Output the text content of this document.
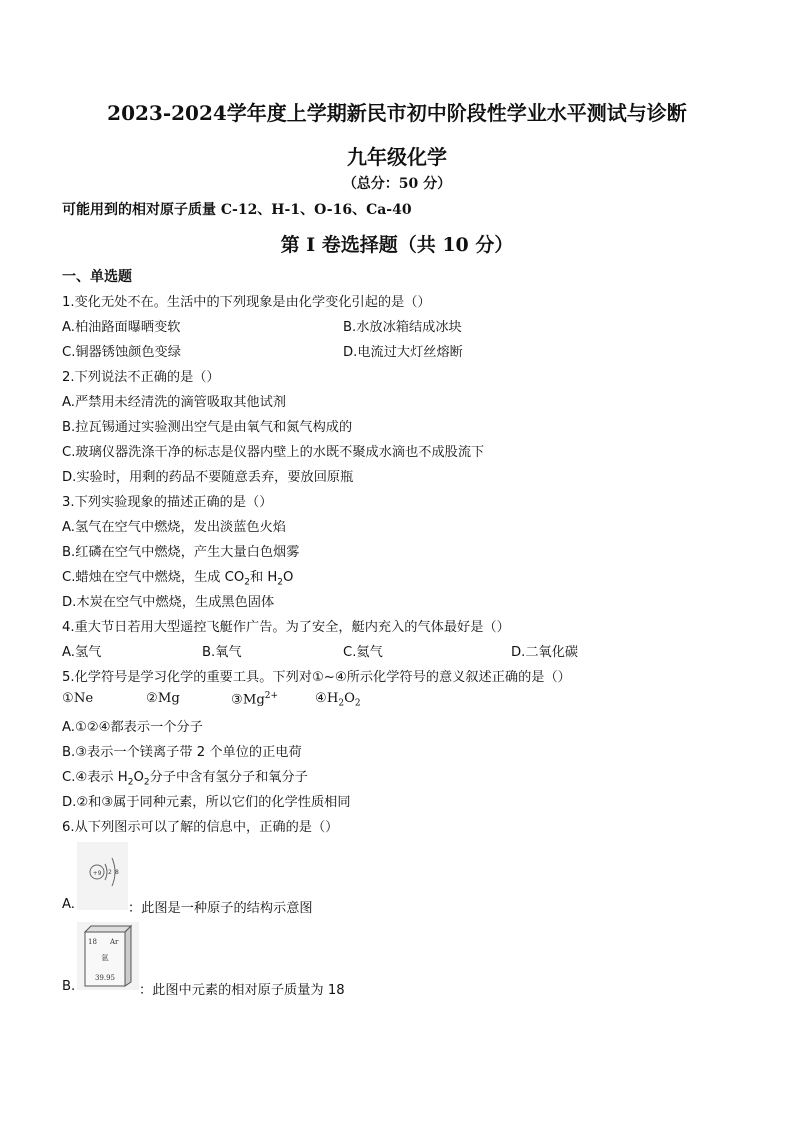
2023-2024学年度上学期新民市初中阶段性学业水平测试与诊断
九年级化学
（总分：50 分）
可能用到的相对原子质量 C-12、H-1、O-16、Ca-40
第 I 卷选择题（共 10 分）
一、单选题
1.变化无处不在。生活中的下列现象是由化学变化引起的是（）
A.柏油路面曝晒变软	B.水放冰箱结成冰块
C.铜器锈蚀颜色变绿	D.电流过大灯丝熔断
2.下列说法不正确的是（）
A.严禁用未经清洗的滴管吸取其他试剂
B.拉瓦锡通过实验测出空气是由氧气和氮气构成的
C.玻璃仪器洗涤干净的标志是仪器内壁上的水既不聚成水滴也不成股流下
D.实验时，用剩的药品不要随意丢弃，要放回原瓶
3.下列实验现象的描述正确的是（）
A.氢气在空气中燃烧，发出淡蓝色火焰
B.红磷在空气中燃烧，产生大量白色烟雾
C.蜡烛在空气中燃烧，生成 $CO_2$和 $H_2O$
D.木炭在空气中燃烧，生成黑色固体
4.重大节日若用大型遥控飞艇作广告。为了安全，艇内充入的气体最好是（）
A.氢气	B.氧气	C.氦气	D.二氧化碳
5.化学符号是学习化学的重要工具。下列对①~④所示化学符号的意义叙述正确的是（）
①Ne	②Mg	$③Mg^{2+}$	$④H_2O_2$
A.①②④都表示一个分子
B.③表示一个镁离子带 2 个单位的正电荷
C.④表示 $H_2O_2$分子中含有氢分子和氧分子
D.②和③属于同种元素，所以它们的化学性质相同
6.从下列图示可以了解的信息中，正确的是（）
+9 2 8
A.	：此图是一种原子的结构示意图
18 Ar
氩
39.95
B.	：此图中元素的相对原子质量为 18
